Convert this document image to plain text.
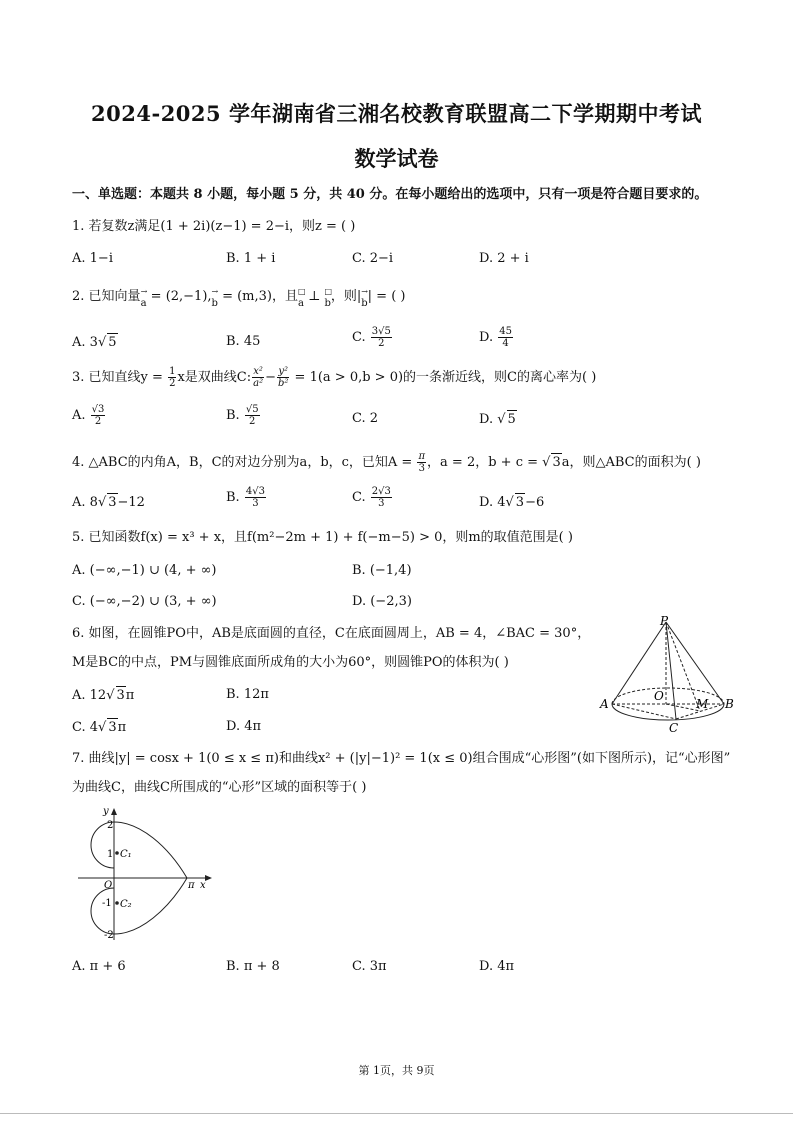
2024-2025 学年湖南省三湘名校教育联盟高二下学期期中考试
数学试卷
一、单选题：本题共 8 小题，每小题 5 分，共 40 分。在每小题给出的选项中，只有一项是符合题目要求的。
1. 若复数z满足(1 + 2i)(z−1) = 2−i，则z = ( )
A. 1−i	B. 1 + i	C. 2−i	D. 2 + i
2. 已知向量 →
a = (2,−1), →
b = (m,3)，且 □
a ⊥ □
b，则| →
b| = ( )
A. 3√ 5	B. 45	C. $\frac{3√5}{2}$	D. $\frac{45}{4}$
3. 已知直线$y = \frac{1}{2}$ x是双曲线C: $\frac{\text{x²}}{\text{a²}} - \frac{\text{y²}}{\text{b²}} = 1(a > 0,b > 0)$的一条渐近线，则C的离心率为( )
A. $\frac{√3}{2}$	B. $\frac{√5}{2}$	C. 2	D. √ 5
4. △ABC的内角A，B，C的对边分别为a，b，c，已知$A = \frac{\pi}{3}$ ，a = 2，b + c = √ 3a，则△ABC的面积为( )
A. 8√ 3−12	B. $\frac{4√3}{3}$	C. $\frac{2√3}{3}$	D. 4√ 3−6
5. 已知函数f(x) = x³ + x，且f(m²−2m + 1) + f(−m−5) > 0，则m的取值范围是( )
A. (−∞,−1) ∪ (4, + ∞)	B. (−1,4)
C. (−∞,−2) ∪ (3, + ∞)	D. (−2,3)
6. 如图，在圆锥PO中，AB是底面圆的直径，C在底面圆周上，AB = 4，∠BAC = 30°，
M是BC的中点，PM与圆锥底面所成角的大小为60°，则圆锥PO的体积为( )
A. 12√ 3π	B. 12π
C. 4√ 3π	D. 4π
P
O
M
A	B
C
7. 曲线|y| = cosx + 1(0 ≤ x ≤ π)和曲线x² + (|y|−1)² = 1(x ≤ 0)组合围成“心形图”(如下图所示)，记“心形图”
为曲线C，曲线C所围成的“心形”区域的面积等于( )
y
x
O	π
2
1
-1
-2
C₁
C₂
A. π + 6	B. π + 8	C. 3π	D. 4π
第 1页，共 9页
